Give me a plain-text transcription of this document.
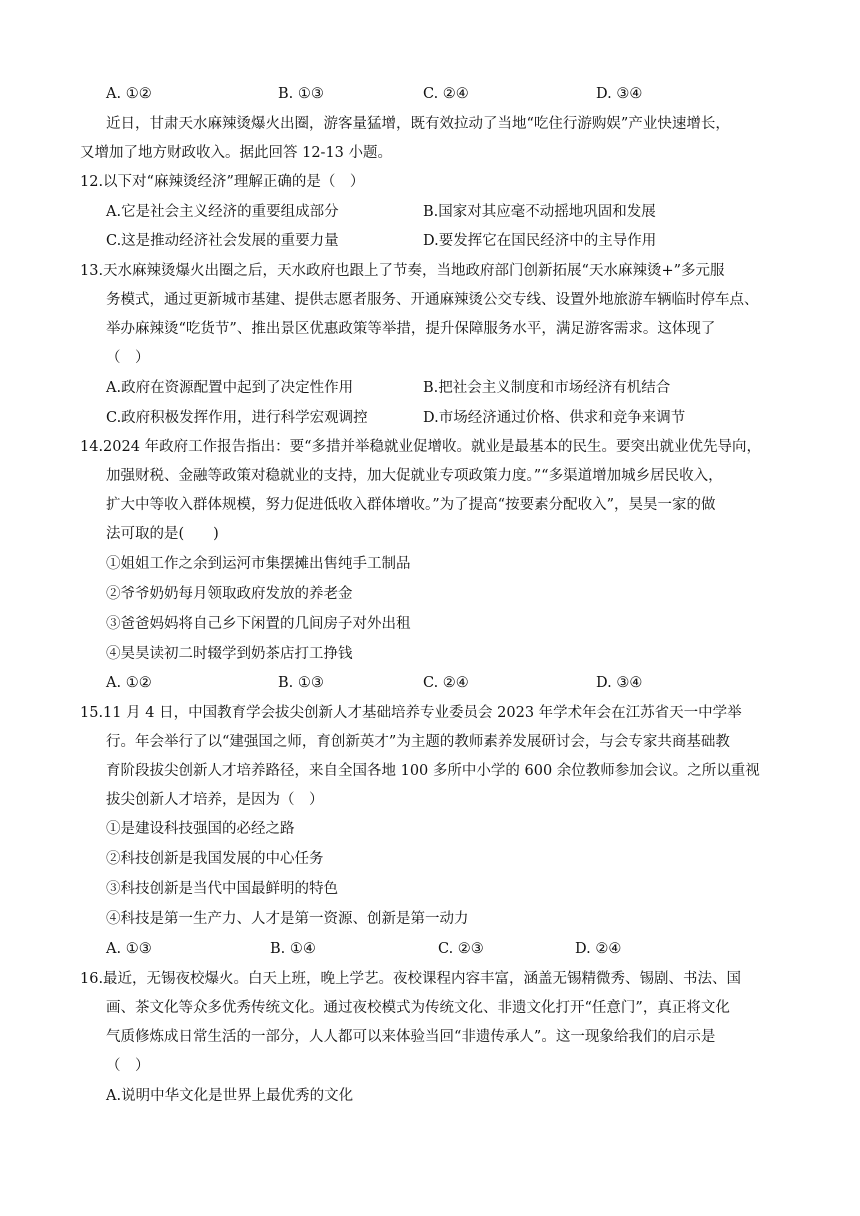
A. ①②	B. ①③	C. ②④	D. ③④
近日，甘肃天水麻辣烫爆火出圈，游客量猛增，既有效拉动了当地“吃住行游购娱”产业快速增长，
又增加了地方财政收入。据此回答 12-13 小题。
12.以下对“麻辣烫经济”理解正确的是（　）
A.它是社会主义经济的重要组成部分	B.国家对其应毫不动摇地巩固和发展
C.这是推动经济社会发展的重要力量	D.要发挥它在国民经济中的主导作用
13.天水麻辣烫爆火出圈之后，天水政府也跟上了节奏，当地政府部门创新拓展“天水麻辣烫+”多元服
务模式，通过更新城市基建、提供志愿者服务、开通麻辣烫公交专线、设置外地旅游车辆临时停车点、
举办麻辣烫“吃货节”、推出景区优惠政策等举措，提升保障服务水平，满足游客需求。这体现了
（　）
A.政府在资源配置中起到了决定性作用	B.把社会主义制度和市场经济有机结合
C.政府积极发挥作用，进行科学宏观调控	D.市场经济通过价格、供求和竞争来调节
14.2024 年政府工作报告指出：要“多措并举稳就业促增收。就业是最基本的民生。要突出就业优先导向，
加强财税、金融等政策对稳就业的支持，加大促就业专项政策力度。”“多渠道增加城乡居民收入，
扩大中等收入群体规模，努力促进低收入群体增收。”为了提高“按要素分配收入”，昊昊一家的做
法可取的是(　　)
①姐姐工作之余到运河市集摆摊出售纯手工制品
②爷爷奶奶每月领取政府发放的养老金
③爸爸妈妈将自己乡下闲置的几间房子对外出租
④昊昊读初二时辍学到奶茶店打工挣钱
A. ①②	B. ①③	C. ②④	D. ③④
15.11 月 4 日，中国教育学会拔尖创新人才基础培养专业委员会 2023 年学术年会在江苏省天一中学举
行。年会举行了以“建强国之师，育创新英才”为主题的教师素养发展研讨会，与会专家共商基础教
育阶段拔尖创新人才培养路径，来自全国各地 100 多所中小学的 600 余位教师参加会议。之所以重视
拔尖创新人才培养，是因为（　）
①是建设科技强国的必经之路
②科技创新是我国发展的中心任务
③科技创新是当代中国最鲜明的特色
④科技是第一生产力、人才是第一资源、创新是第一动力
A. ①③	B. ①④	C. ②③	D. ②④
16.最近，无锡夜校爆火。白天上班，晚上学艺。夜校课程内容丰富，涵盖无锡精微秀、锡剧、书法、国
画、茶文化等众多优秀传统文化。通过夜校模式为传统文化、非遗文化打开“任意门”，真正将文化
气质修炼成日常生活的一部分，人人都可以来体验当回“非遗传承人”。这一现象给我们的启示是
（　）
A.说明中华文化是世界上最优秀的文化
